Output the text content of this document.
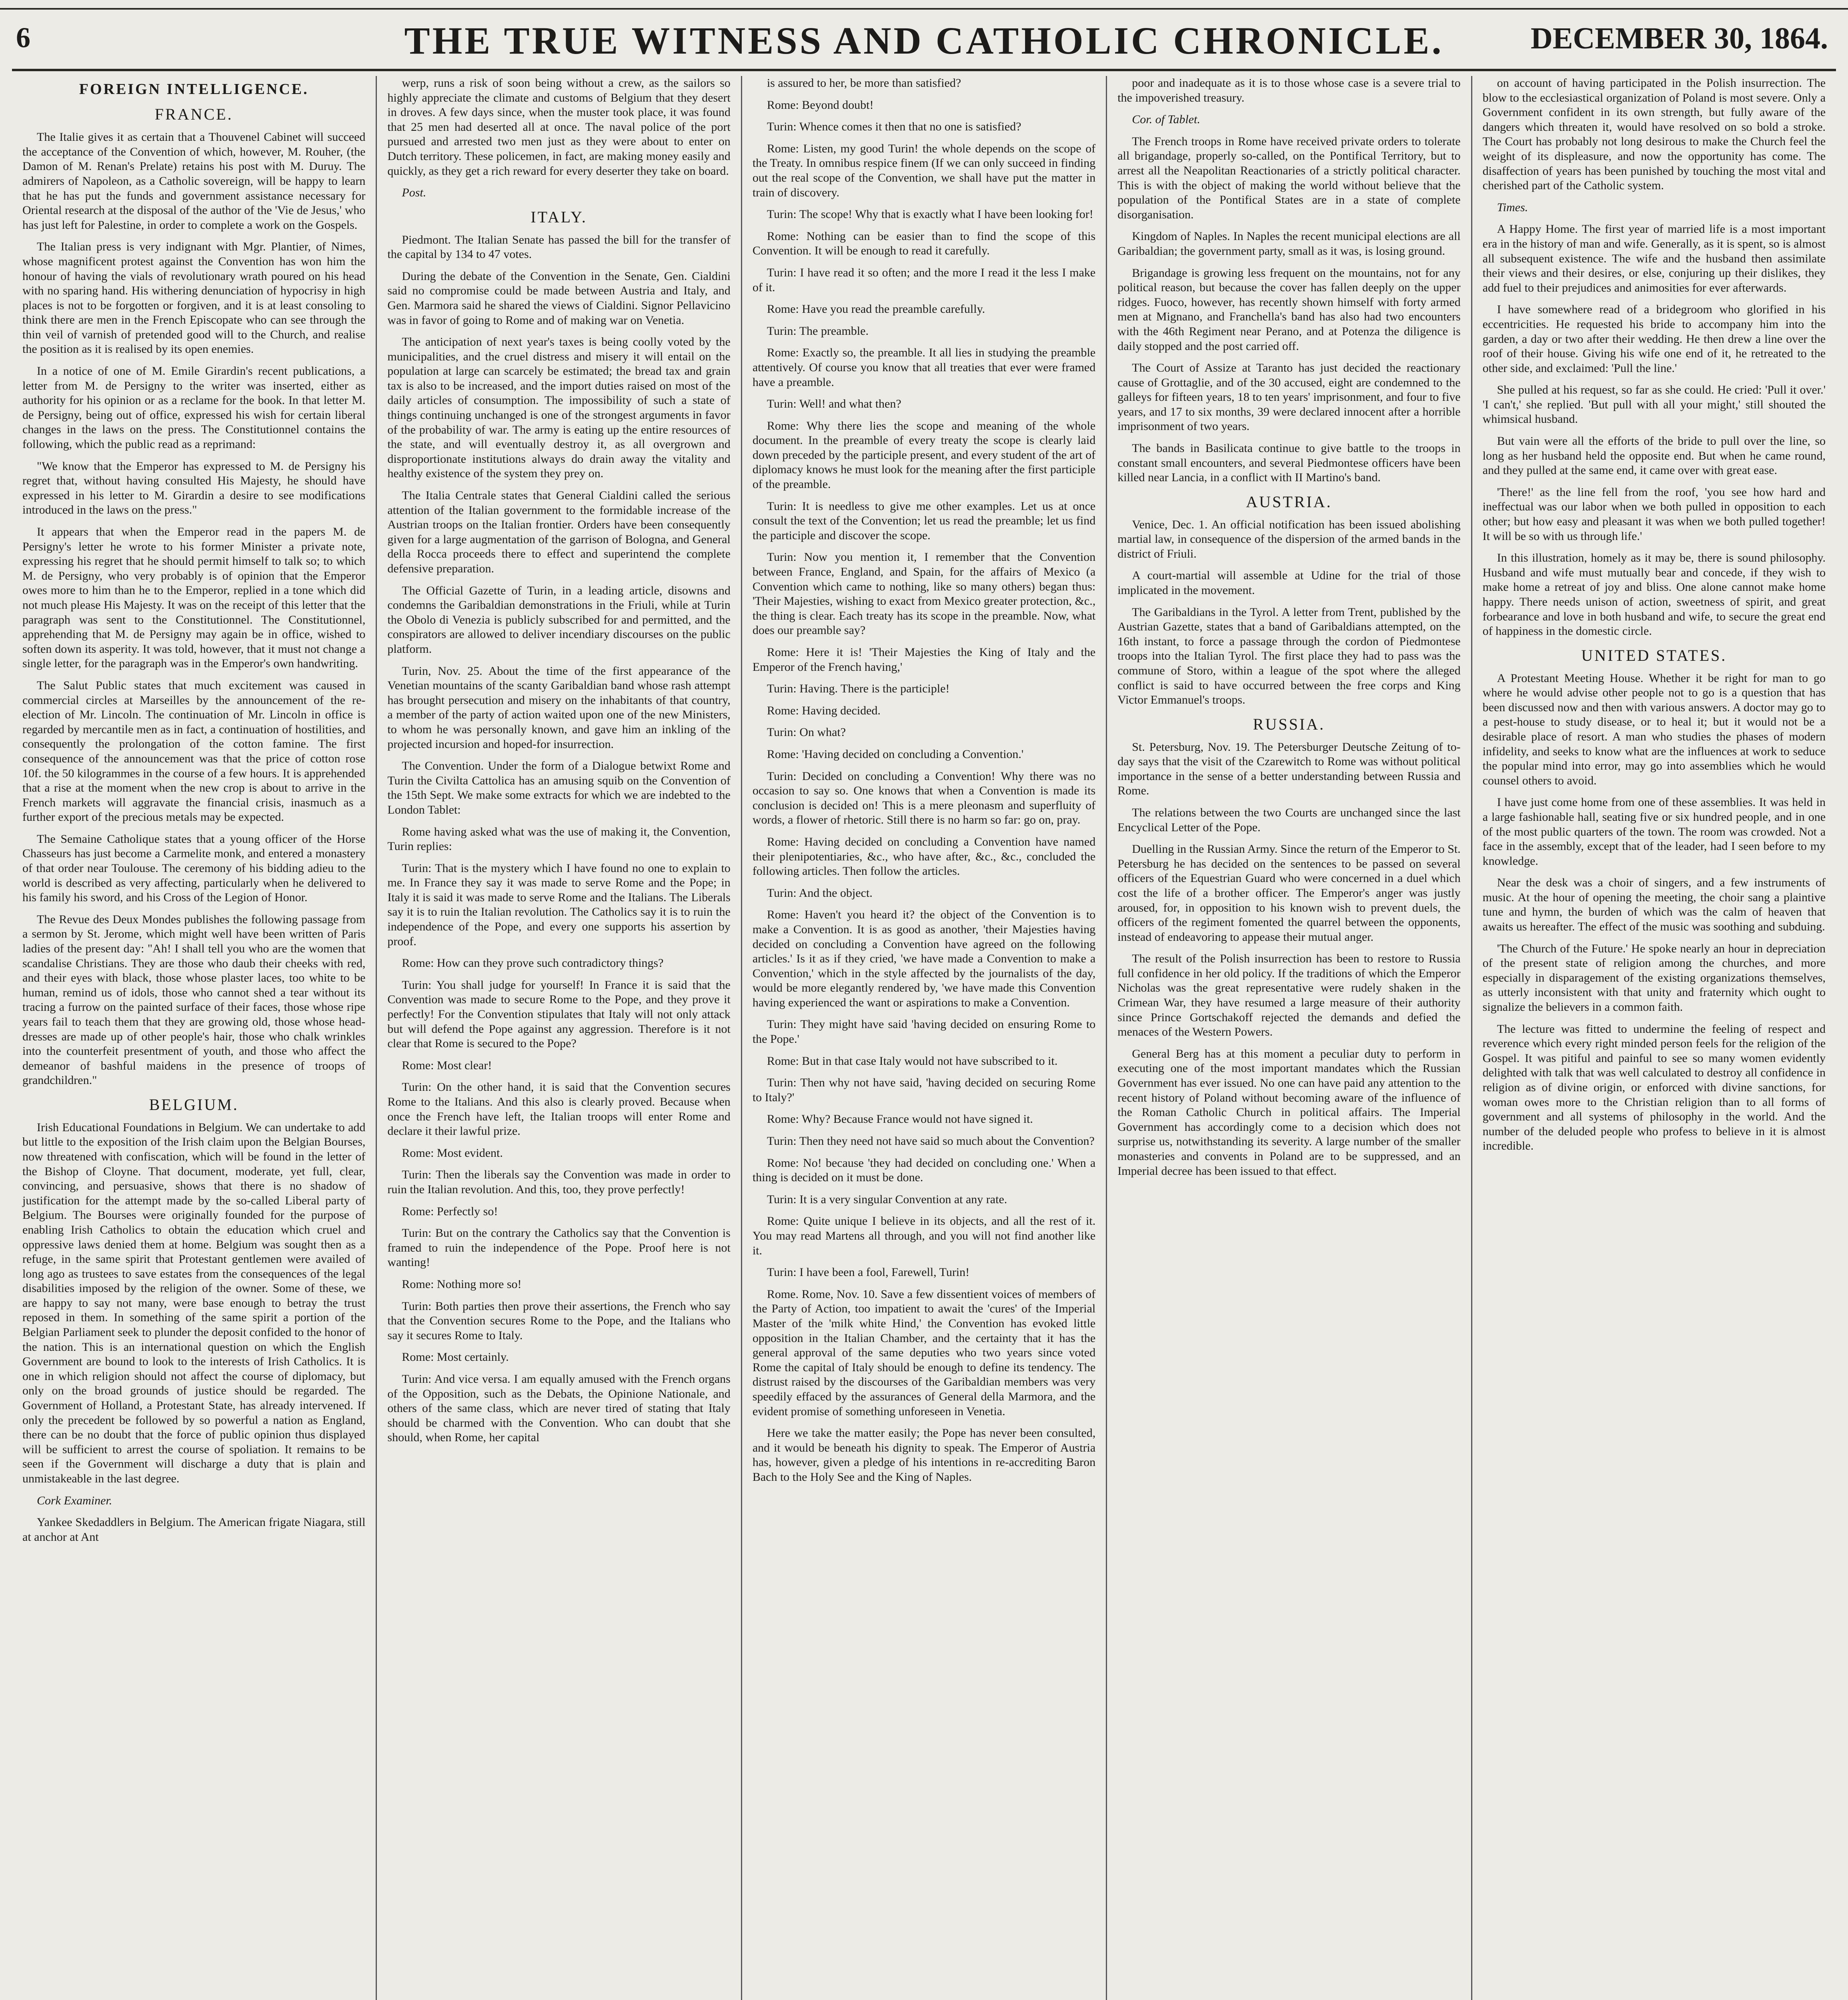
6	THE TRUE WITNESS AND CATHOLIC CHRONICLE.	DECEMBER 30, 1864.
FOREIGN INTELLIGENCE.
FRANCE.

The Italie gives it as certain that a Thouvenel Cabinet will succeed the acceptance of the Convention of which, however, M. Rouher, (the Damon of M. Renan's Prelate) retains his post with M. Duruy. The admirers of Napoleon, as a Catholic sovereign, will be happy to learn that he has put the funds and government assistance necessary for Oriental research at the disposal of the author of the 'Vie de Jesus,' who has just left for Palestine, in order to complete a work on the Gospels.

The Italian press is very indignant with Mgr. Plantier, of Nimes, whose magnificent protest against the Convention has won him the honour of having the vials of revolutionary wrath poured on his head with no sparing hand. His withering denunciation of hypocrisy in high places is not to be forgotten or forgiven, and it is at least consoling to think there are men in the French Episcopate who can see through the thin veil of varnish of pretended good will to the Church, and realise the position as it is realised by its open enemies.

In a notice of one of M. Emile Girardin's recent publications, a letter from M. de Persigny to the writer was inserted, either as authority for his opinion or as a reclame for the book. In that letter M. de Persigny, being out of office, expressed his wish for certain liberal changes in the laws on the press. The Constitutionnel contains the following, which the public read as a reprimand:

"We know that the Emperor has expressed to M. de Persigny his regret that, without having consulted His Majesty, he should have expressed in his letter to M. Girardin a desire to see modifications introduced in the laws on the press."

It appears that when the Emperor read in the papers M. de Persigny's letter he wrote to his former Minister a private note, expressing his regret that he should permit himself to talk so; to which M. de Persigny, who very probably is of opinion that the Emperor owes more to him than he to the Emperor, replied in a tone which did not much please His Majesty. It was on the receipt of this letter that the paragraph was sent to the Constitutionnel. The Constitutionnel, apprehending that M. de Persigny may again be in office, wished to soften down its asperity. It was told, however, that it must not change a single letter, for the paragraph was in the Emperor's own handwriting.

The Salut Public states that much excitement was caused in commercial circles at Marseilles by the announcement of the re-election of Mr. Lincoln. The continuation of Mr. Lincoln in office is regarded by mercantile men as in fact, a continuation of hostilities, and consequently the prolongation of the cotton famine. The first consequence of the announcement was that the price of cotton rose 10f. the 50 kilogrammes in the course of a few hours. It is apprehended that a rise at the moment when the new crop is about to arrive in the French markets will aggravate the financial crisis, inasmuch as a further export of the precious metals may be expected.

The Semaine Catholique states that a young officer of the Horse Chasseurs has just become a Carmelite monk, and entered a monastery of that order near Toulouse. The ceremony of his bidding adieu to the world is described as very affecting, particularly when he delivered to his family his sword, and his Cross of the Legion of Honor.

The Revue des Deux Mondes publishes the following passage from a sermon by St. Jerome, which might well have been written of Paris ladies of the present day: "Ah! I shall tell you who are the women that scandalise Christians. They are those who daub their cheeks with red, and their eyes with black, those whose plaster laces, too white to be human, remind us of idols, those who cannot shed a tear without its tracing a furrow on the painted surface of their faces, those whose ripe years fail to teach them that they are growing old, those whose head-dresses are made up of other people's hair, those who chalk wrinkles into the counterfeit presentment of youth, and those who affect the demeanor of bashful maidens in the presence of troops of grandchildren."

BELGIUM.

Irish Educational Foundations in Belgium. We can undertake to add but little to the exposition of the Irish claim upon the Belgian Bourses, now threatened with confiscation, which will be found in the letter of the Bishop of Cloyne. That document, moderate, yet full, clear, convincing, and persuasive, shows that there is no shadow of justification for the attempt made by the so-called Liberal party of Belgium. The Bourses were originally founded for the purpose of enabling Irish Catholics to obtain the education which cruel and oppressive laws denied them at home. Belgium was sought then as a refuge, in the same spirit that Protestant gentlemen were availed of long ago as trustees to save estates from the consequences of the legal disabilities imposed by the religion of the owner. Some of these, we are happy to say not many, were base enough to betray the trust reposed in them. In something of the same spirit a portion of the Belgian Parliament seek to plunder the deposit confided to the honor of the nation. This is an international question on which the English Government are bound to look to the interests of Irish Catholics. It is one in which religion should not affect the course of diplomacy, but only on the broad grounds of justice should be regarded. The Government of Holland, a Protestant State, has already intervened. If only the precedent be followed by so powerful a nation as England, there can be no doubt that the force of public opinion thus displayed will be sufficient to arrest the course of spoliation. It remains to be seen if the Government will discharge a duty that is plain and unmistakeable in the last degree.

Cork Examiner.

Yankee Skedaddlers in Belgium. The American frigate Niagara, still at anchor at Ant

werp, runs a risk of soon being without a crew, as the sailors so highly appreciate the climate and customs of Belgium that they desert in droves. A few days since, when the muster took place, it was found that 25 men had deserted all at once. The naval police of the port pursued and arrested two men just as they were about to enter on Dutch territory. These policemen, in fact, are making money easily and quickly, as they get a rich reward for every deserter they take on board.

Post.

ITALY.

Piedmont. The Italian Senate has passed the bill for the transfer of the capital by 134 to 47 votes.

During the debate of the Convention in the Senate, Gen. Cialdini said no compromise could be made between Austria and Italy, and Gen. Marmora said he shared the views of Cialdini. Signor Pellavicino was in favor of going to Rome and of making war on Venetia.

The anticipation of next year's taxes is being coolly voted by the municipalities, and the cruel distress and misery it will entail on the population at large can scarcely be estimated; the bread tax and grain tax is also to be increased, and the import duties raised on most of the daily articles of consumption. The impossibility of such a state of things continuing unchanged is one of the strongest arguments in favor of the probability of war. The army is eating up the entire resources of the state, and will eventually destroy it, as all overgrown and disproportionate institutions always do drain away the vitality and healthy existence of the system they prey on.

The Italia Centrale states that General Cialdini called the serious attention of the Italian government to the formidable increase of the Austrian troops on the Italian frontier. Orders have been consequently given for a large augmentation of the garrison of Bologna, and General della Rocca proceeds there to effect and superintend the complete defensive preparation.

The Official Gazette of Turin, in a leading article, disowns and condemns the Garibaldian demonstrations in the Friuli, while at Turin the Obolo di Venezia is publicly subscribed for and permitted, and the conspirators are allowed to deliver incendiary discourses on the public platform.

Turin, Nov. 25. About the time of the first appearance of the Venetian mountains of the scanty Garibaldian band whose rash attempt has brought persecution and misery on the inhabitants of that country, a member of the party of action waited upon one of the new Ministers, to whom he was personally known, and gave him an inkling of the projected incursion and hoped-for insurrection.

The Convention. Under the form of a Dialogue betwixt Rome and Turin the Civilta Cattolica has an amusing squib on the Convention of the 15th Sept. We make some extracts for which we are indebted to the London Tablet:

Rome having asked what was the use of making it, the Convention, Turin replies:

Turin: That is the mystery which I have found no one to explain to me. In France they say it was made to serve Rome and the Pope; in Italy it is said it was made to serve Rome and the Italians. The Liberals say it is to ruin the Italian revolution. The Catholics say it is to ruin the independence of the Pope, and every one supports his assertion by proof.

Rome: How can they prove such contradictory things?

Turin: You shall judge for yourself! In France it is said that the Convention was made to secure Rome to the Pope, and they prove it perfectly! For the Convention stipulates that Italy will not only attack but will defend the Pope against any aggression. Therefore is it not clear that Rome is secured to the Pope?

Rome: Most clear!

Turin: On the other hand, it is said that the Convention secures Rome to the Italians. And this also is clearly proved. Because when once the French have left, the Italian troops will enter Rome and declare it their lawful prize.

Rome: Most evident.

Turin: Then the liberals say the Convention was made in order to ruin the Italian revolution. And this, too, they prove perfectly!

Rome: Perfectly so!

Turin: But on the contrary the Catholics say that the Convention is framed to ruin the independence of the Pope. Proof here is not wanting!

Rome: Nothing more so!

Turin: Both parties then prove their assertions, the French who say that the Convention secures Rome to the Pope, and the Italians who say it secures Rome to Italy.

Rome: Most certainly.

Turin: And vice versa. I am equally amused with the French organs of the Opposition, such as the Debats, the Opinione Nationale, and others of the same class, which are never tired of stating that Italy should be charmed with the Convention. Who can doubt that she should, when Rome, her capital

is assured to her, be more than satisfied?

Rome: Beyond doubt!

Turin: Whence comes it then that no one is satisfied?

Rome: Listen, my good Turin! the whole depends on the scope of the Treaty. In omnibus respice finem (If we can only succeed in finding out the real scope of the Convention, we shall have put the matter in train of discovery.

Turin: The scope! Why that is exactly what I have been looking for!

Rome: Nothing can be easier than to find the scope of this Convention. It will be enough to read it carefully.

Turin: I have read it so often; and the more I read it the less I make of it.

Rome: Have you read the preamble carefully.

Turin: The preamble.

Rome: Exactly so, the preamble. It all lies in studying the preamble attentively. Of course you know that all treaties that ever were framed have a preamble.

Turin: Well! and what then?

Rome: Why there lies the scope and meaning of the whole document. In the preamble of every treaty the scope is clearly laid down preceded by the participle present, and every student of the art of diplomacy knows he must look for the meaning after the first participle of the preamble.

Turin: It is needless to give me other examples. Let us at once consult the text of the Convention; let us read the preamble; let us find the participle and discover the scope.

Turin: Now you mention it, I remember that the Convention between France, England, and Spain, for the affairs of Mexico (a Convention which came to nothing, like so many others) began thus: 'Their Majesties, wishing to exact from Mexico greater protection, &c., the thing is clear. Each treaty has its scope in the preamble. Now, what does our preamble say?

Rome: Here it is! 'Their Majesties the King of Italy and the Emperor of the French having,'

Turin: Having. There is the participle!

Rome: Having decided.

Turin: On what?

Rome: 'Having decided on concluding a Convention.'

Turin: Decided on concluding a Convention! Why there was no occasion to say so. One knows that when a Convention is made its conclusion is decided on! This is a mere pleonasm and superfluity of words, a flower of rhetoric. Still there is no harm so far: go on, pray.

Rome: Having decided on concluding a Convention have named their plenipotentiaries, &c., who have after, &c., &c., concluded the following articles. Then follow the articles.

Turin: And the object.

Rome: Haven't you heard it? the object of the Convention is to make a Convention. It is as good as another, 'their Majesties having decided on concluding a Convention have agreed on the following articles.' Is it as if they cried, 'we have made a Convention to make a Convention,' which in the style affected by the journalists of the day, would be more elegantly rendered by, 'we have made this Convention having experienced the want or aspirations to make a Convention.

Turin: They might have said 'having decided on ensuring Rome to the Pope.'

Rome: But in that case Italy would not have subscribed to it.

Turin: Then why not have said, 'having decided on securing Rome to Italy?'

Rome: Why? Because France would not have signed it.

Turin: Then they need not have said so much about the Convention?

Rome: No! because 'they had decided on concluding one.' When a thing is decided on it must be done.

Turin: It is a very singular Convention at any rate.

Rome: Quite unique I believe in its objects, and all the rest of it. You may read Martens all through, and you will not find another like it.

Turin: I have been a fool, Farewell, Turin!

Rome. Rome, Nov. 10. Save a few dissentient voices of members of the Party of Action, too impatient to await the 'cures' of the Imperial Master of the 'milk white Hind,' the Convention has evoked little opposition in the Italian Chamber, and the certainty that it has the general approval of the same deputies who two years since voted Rome the capital of Italy should be enough to define its tendency. The distrust raised by the discourses of the Garibaldian members was very speedily effaced by the assurances of General della Marmora, and the evident promise of something unforeseen in Venetia.

Here we take the matter easily; the Pope has never been consulted, and it would be beneath his dignity to speak. The Emperor of Austria has, however, given a pledge of his intentions in re-accrediting Baron Bach to the Holy See and the King of Naples.

poor and inadequate as it is to those whose case is a severe trial to the impoverished treasury.

Cor. of Tablet.

The French troops in Rome have received private orders to tolerate all brigandage, properly so-called, on the Pontifical Territory, but to arrest all the Neapolitan Reactionaries of a strictly political character. This is with the object of making the world without believe that the population of the Pontifical States are in a state of complete disorganisation.

Kingdom of Naples. In Naples the recent municipal elections are all Garibaldian; the government party, small as it was, is losing ground.

Brigandage is growing less frequent on the mountains, not for any political reason, but because the cover has fallen deeply on the upper ridges. Fuoco, however, has recently shown himself with forty armed men at Mignano, and Franchella's band has also had two encounters with the 46th Regiment near Perano, and at Potenza the diligence is daily stopped and the post carried off.

The Court of Assize at Taranto has just decided the reactionary cause of Grottaglie, and of the 30 accused, eight are condemned to the galleys for fifteen years, 18 to ten years' imprisonment, and four to five years, and 17 to six months, 39 were declared innocent after a horrible imprisonment of two years.

The bands in Basilicata continue to give battle to the troops in constant small encounters, and several Piedmontese officers have been killed near Lancia, in a conflict with II Martino's band.

AUSTRIA.

Venice, Dec. 1. An official notification has been issued abolishing martial law, in consequence of the dispersion of the armed bands in the district of Friuli.

A court-martial will assemble at Udine for the trial of those implicated in the movement.

The Garibaldians in the Tyrol. A letter from Trent, published by the Austrian Gazette, states that a band of Garibaldians attempted, on the 16th instant, to force a passage through the cordon of Piedmontese troops into the Italian Tyrol. The first place they had to pass was the commune of Storo, within a league of the spot where the alleged conflict is said to have occurred between the free corps and King Victor Emmanuel's troops.

RUSSIA.

St. Petersburg, Nov. 19. The Petersburger Deutsche Zeitung of to-day says that the visit of the Czarewitch to Rome was without political importance in the sense of a better understanding between Russia and Rome.

The relations between the two Courts are unchanged since the last Encyclical Letter of the Pope.

Duelling in the Russian Army. Since the return of the Emperor to St. Petersburg he has decided on the sentences to be passed on several officers of the Equestrian Guard who were concerned in a duel which cost the life of a brother officer. The Emperor's anger was justly aroused, for, in opposition to his known wish to prevent duels, the officers of the regiment fomented the quarrel between the opponents, instead of endeavoring to appease their mutual anger.

The result of the Polish insurrection has been to restore to Russia full confidence in her old policy. If the traditions of which the Emperor Nicholas was the great representative were rudely shaken in the Crimean War, they have resumed a large measure of their authority since Prince Gortschakoff rejected the demands and defied the menaces of the Western Powers.

General Berg has at this moment a peculiar duty to perform in executing one of the most important mandates which the Russian Government has ever issued. No one can have paid any attention to the recent history of Poland without becoming aware of the influence of the Roman Catholic Church in political affairs. The Imperial Government has accordingly come to a decision which does not surprise us, notwithstanding its severity. A large number of the smaller monasteries and convents in Poland are to be suppressed, and an Imperial decree has been issued to that effect.

on account of having participated in the Polish insurrection. The blow to the ecclesiastical organization of Poland is most severe. Only a Government confident in its own strength, but fully aware of the dangers which threaten it, would have resolved on so bold a stroke. The Court has probably not long desirous to make the Church feel the weight of its displeasure, and now the opportunity has come. The disaffection of years has been punished by touching the most vital and cherished part of the Catholic system.

Times.

A Happy Home. The first year of married life is a most important era in the history of man and wife. Generally, as it is spent, so is almost all subsequent existence. The wife and the husband then assimilate their views and their desires, or else, conjuring up their dislikes, they add fuel to their prejudices and animosities for ever afterwards.

I have somewhere read of a bridegroom who glorified in his eccentricities. He requested his bride to accompany him into the garden, a day or two after their wedding. He then drew a line over the roof of their house. Giving his wife one end of it, he retreated to the other side, and exclaimed: 'Pull the line.'

She pulled at his request, so far as she could. He cried: 'Pull it over.' 'I can't,' she replied. 'But pull with all your might,' still shouted the whimsical husband.

But vain were all the efforts of the bride to pull over the line, so long as her husband held the opposite end. But when he came round, and they pulled at the same end, it came over with great ease.

'There!' as the line fell from the roof, 'you see how hard and ineffectual was our labor when we both pulled in opposition to each other; but how easy and pleasant it was when we both pulled together! It will be so with us through life.'

In this illustration, homely as it may be, there is sound philosophy. Husband and wife must mutually bear and concede, if they wish to make home a retreat of joy and bliss. One alone cannot make home happy. There needs unison of action, sweetness of spirit, and great forbearance and love in both husband and wife, to secure the great end of happiness in the domestic circle.

UNITED STATES.

A Protestant Meeting House. Whether it be right for man to go where he would advise other people not to go is a question that has been discussed now and then with various answers. A doctor may go to a pest-house to study disease, or to heal it; but it would not be a desirable place of resort. A man who studies the phases of modern infidelity, and seeks to know what are the influences at work to seduce the popular mind into error, may go into assemblies which he would counsel others to avoid.

I have just come home from one of these assemblies. It was held in a large fashionable hall, seating five or six hundred people, and in one of the most public quarters of the town. The room was crowded. Not a face in the assembly, except that of the leader, had I seen before to my knowledge.

Near the desk was a choir of singers, and a few instruments of music. At the hour of opening the meeting, the choir sang a plaintive tune and hymn, the burden of which was the calm of heaven that awaits us hereafter. The effect of the music was soothing and subduing.

'The Church of the Future.' He spoke nearly an hour in depreciation of the present state of religion among the churches, and more especially in disparagement of the existing organizations themselves, as utterly inconsistent with that unity and fraternity which ought to signalize the believers in a common faith.

The lecture was fitted to undermine the feeling of respect and reverence which every right minded person feels for the religion of the Gospel. It was pitiful and painful to see so many women evidently delighted with talk that was well calculated to destroy all confidence in religion as of divine origin, or enforced with divine sanctions, for woman owes more to the Christian religion than to all forms of government and all systems of philosophy in the world. And the number of the deluded people who profess to believe in it is almost incredible.
